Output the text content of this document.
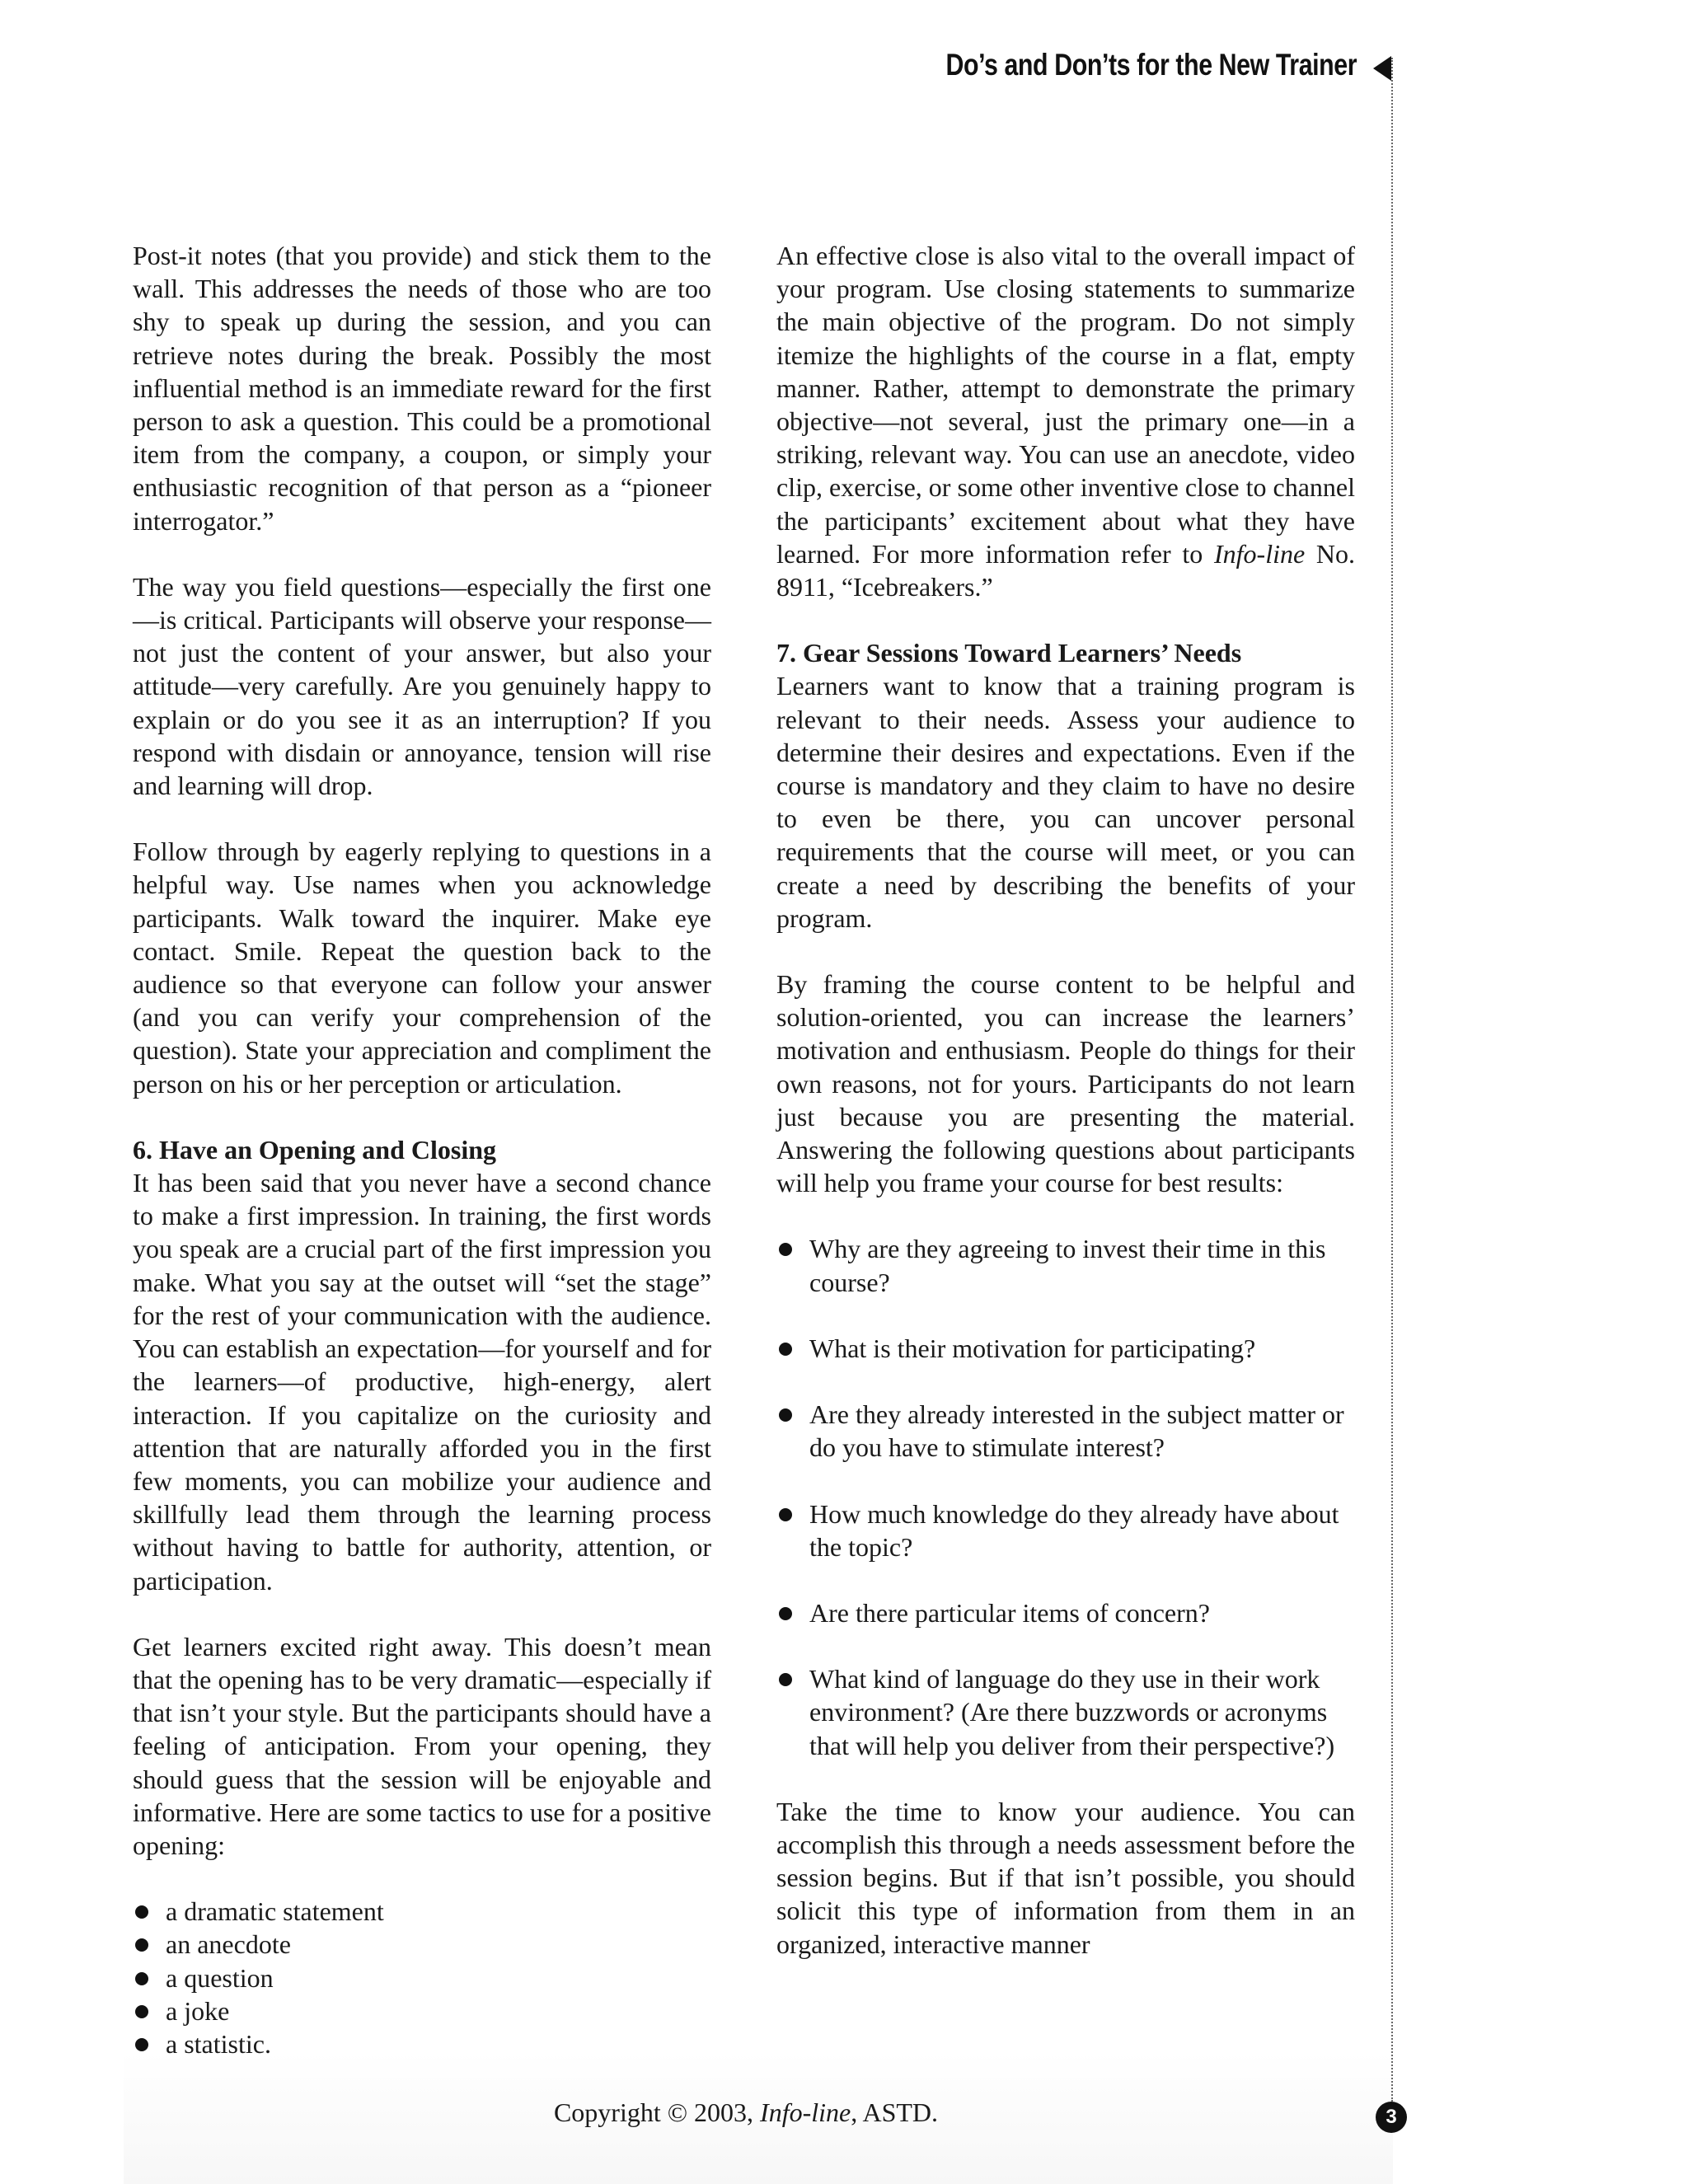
Do’s and Don’ts for the New Trainer

Post-it notes (that you provide) and stick them to the wall. This addresses the needs of those who are too shy to speak up during the session, and you can retrieve notes during the break. Possibly the most influential method is an immediate reward for the first person to ask a question. This could be a promotional item from the company, a coupon, or simply your enthusiastic recognition of that person as a “pioneer interrogator.”

The way you field questions—especially the first one—is critical. Participants will observe your response—not just the content of your answer, but also your attitude—very carefully. Are you genuinely happy to explain or do you see it as an interruption? If you respond with disdain or annoyance, tension will rise and learning will drop.

Follow through by eagerly replying to questions in a helpful way. Use names when you acknowledge participants. Walk toward the inquirer. Make eye contact. Smile. Repeat the question back to the audience so that everyone can follow your answer (and you can verify your comprehension of the question). State your appreciation and compliment the person on his or her perception or articulation.

6. Have an Opening and Closing

It has been said that you never have a second chance to make a first impression. In training, the first words you speak are a crucial part of the first impression you make. What you say at the outset will “set the stage” for the rest of your communication with the audience. You can establish an expectation—for yourself and for the learners—of productive, high-energy, alert interaction. If you capitalize on the curiosity and attention that are naturally afforded you in the first few moments, you can mobilize your audience and skillfully lead them through the learning process without having to battle for authority, attention, or participation.

Get learners excited right away. This doesn’t mean that the opening has to be very dramatic—especially if that isn’t your style. But the participants should have a feeling of anticipation. From your opening, they should guess that the session will be enjoyable and informative. Here are some tactics to use for a positive opening:

a dramatic statement
an anecdote
a question
a joke
a statistic.

An effective close is also vital to the overall impact of your program. Use closing statements to summarize the main objective of the program. Do not simply itemize the highlights of the course in a flat, empty manner. Rather, attempt to demonstrate the primary objective—not several, just the primary one—in a striking, relevant way. You can use an anecdote, video clip, exercise, or some other inventive close to channel the participants’ excitement about what they have learned. For more information refer to Info-line No. 8911, “Icebreakers.”

7. Gear Sessions Toward Learners’ Needs

Learners want to know that a training program is relevant to their needs. Assess your audience to determine their desires and expectations. Even if the course is mandatory and they claim to have no desire to even be there, you can uncover personal requirements that the course will meet, or you can create a need by describing the benefits of your program.

By framing the course content to be helpful and solution-oriented, you can increase the learners’ motivation and enthusiasm. People do things for their own reasons, not for yours. Participants do not learn just because you are presenting the material. Answering the following questions about participants will help you frame your course for best results:

Why are they agreeing to invest their time in this course?
What is their motivation for participating?
Are they already interested in the subject matter or do you have to stimulate interest?
How much knowledge do they already have about the topic?
Are there particular items of concern?
What kind of language do they use in their work environment? (Are there buzzwords or acronyms that will help you deliver from their perspective?)

Take the time to know your audience. You can accomplish this through a needs assessment before the session begins. But if that isn’t possible, you should solicit this type of information from them in an organized, interactive manner

Copyright © 2003, Info-line, ASTD.	3
